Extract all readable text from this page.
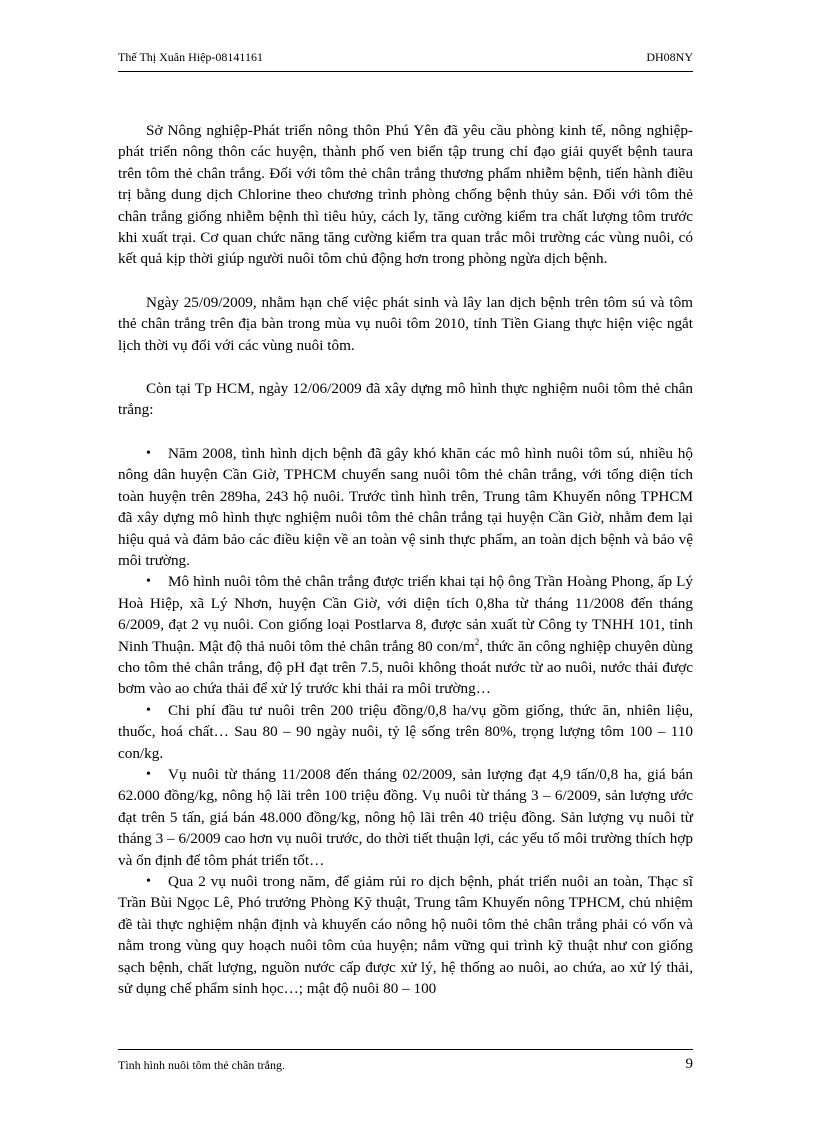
Thế Thị Xuân Hiệp-08141161	DH08NY

Sở Nông nghiệp-Phát triển nông thôn Phú Yên đã yêu cầu phòng kinh tế, nông nghiệp-phát triển nông thôn các huyện, thành phố ven biển tập trung chỉ đạo giải quyết bệnh taura trên tôm thẻ chân trắng. Đối với tôm thẻ chân trắng thương phẩm nhiễm bệnh, tiến hành điều trị bằng dung dịch Chlorine theo chương trình phòng chống bệnh thủy sản. Đối với tôm thẻ chân trắng giống nhiễm bệnh thì tiêu hủy, cách ly, tăng cường kiểm tra chất lượng tôm trước khi xuất trại. Cơ quan chức năng tăng cường kiểm tra quan trắc môi trường các vùng nuôi, có kết quả kịp thời giúp người nuôi tôm chủ động hơn trong phòng ngừa dịch bệnh.

Ngày 25/09/2009, nhằm hạn chế việc phát sinh và lây lan dịch bệnh trên tôm sú và tôm thẻ chân trắng trên địa bàn trong mùa vụ nuôi tôm 2010, tỉnh Tiền Giang thực hiện việc ngắt lịch thời vụ đối với các vùng nuôi tôm.

Còn tại Tp HCM, ngày 12/06/2009 đã xây dựng mô hình thực nghiệm nuôi tôm thẻ chân trắng:

• Năm 2008, tình hình dịch bệnh đã gây khó khăn các mô hình nuôi tôm sú, nhiều hộ nông dân huyện Cần Giờ, TPHCM chuyển sang nuôi tôm thẻ chân trắng, với tổng diện tích toàn huyện trên 289ha, 243 hộ nuôi. Trước tình hình trên, Trung tâm Khuyến nông TPHCM đã xây dựng mô hình thực nghiệm nuôi tôm thẻ chân trắng tại huyện Cần Giờ, nhằm đem lại hiệu quả và đảm bảo các điều kiện về an toàn vệ sinh thực phẩm, an toàn dịch bệnh và bảo vệ môi trường.
• Mô hình nuôi tôm thẻ chân trắng được triển khai tại hộ ông Trần Hoàng Phong, ấp Lý Hoà Hiệp, xã Lý Nhơn, huyện Cần Giờ, với diện tích 0,8ha từ tháng 11/2008 đến tháng 6/2009, đạt 2 vụ nuôi. Con giống loại Postlarva 8, được sản xuất từ Công ty TNHH 101, tỉnh Ninh Thuận. Mật độ thả nuôi tôm thẻ chân trắng 80 con/$m^2$, thức ăn công nghiệp chuyên dùng cho tôm thẻ chân trắng, độ pH đạt trên 7.5, nuôi không thoát nước từ ao nuôi, nước thải được bơm vào ao chứa thải để xử lý trước khi thải ra môi trường…
• Chi phí đầu tư nuôi trên 200 triệu đồng/0,8 ha/vụ gồm giống, thức ăn, nhiên liệu, thuốc, hoá chất… Sau 80 – 90 ngày nuôi, tỷ lệ sống trên 80%, trọng lượng tôm 100 – 110 con/kg.
• Vụ nuôi từ tháng 11/2008 đến tháng 02/2009, sản lượng đạt 4,9 tấn/0,8 ha, giá bán 62.000 đồng/kg, nông hộ lãi trên 100 triệu đồng. Vụ nuôi từ tháng 3 – 6/2009, sản lượng ước đạt trên 5 tấn, giá bán 48.000 đồng/kg, nông hộ lãi trên 40 triệu đồng. Sản lượng vụ nuôi từ tháng 3 – 6/2009 cao hơn vụ nuôi trước, do thời tiết thuận lợi, các yếu tố môi trường thích hợp và ổn định để tôm phát triển tốt…
• Qua 2 vụ nuôi trong năm, để giảm rủi ro dịch bệnh, phát triển nuôi an toàn, Thạc sĩ Trần Bùi Ngọc Lê, Phó trưởng Phòng Kỹ thuật, Trung tâm Khuyến nông TPHCM, chủ nhiệm đề tài thực nghiệm nhận định và khuyến cáo nông hộ nuôi tôm thẻ chân trắng phải có vốn và nằm trong vùng quy hoạch nuôi tôm của huyện; nắm vững qui trình kỹ thuật như con giống sạch bệnh, chất lượng, nguồn nước cấp được xử lý, hệ thống ao nuôi, ao chứa, ao xử lý thải, sử dụng chế phẩm sinh học…; mật độ nuôi 80 – 100
Tình hình nuôi tôm thẻ chân trắng.	9
